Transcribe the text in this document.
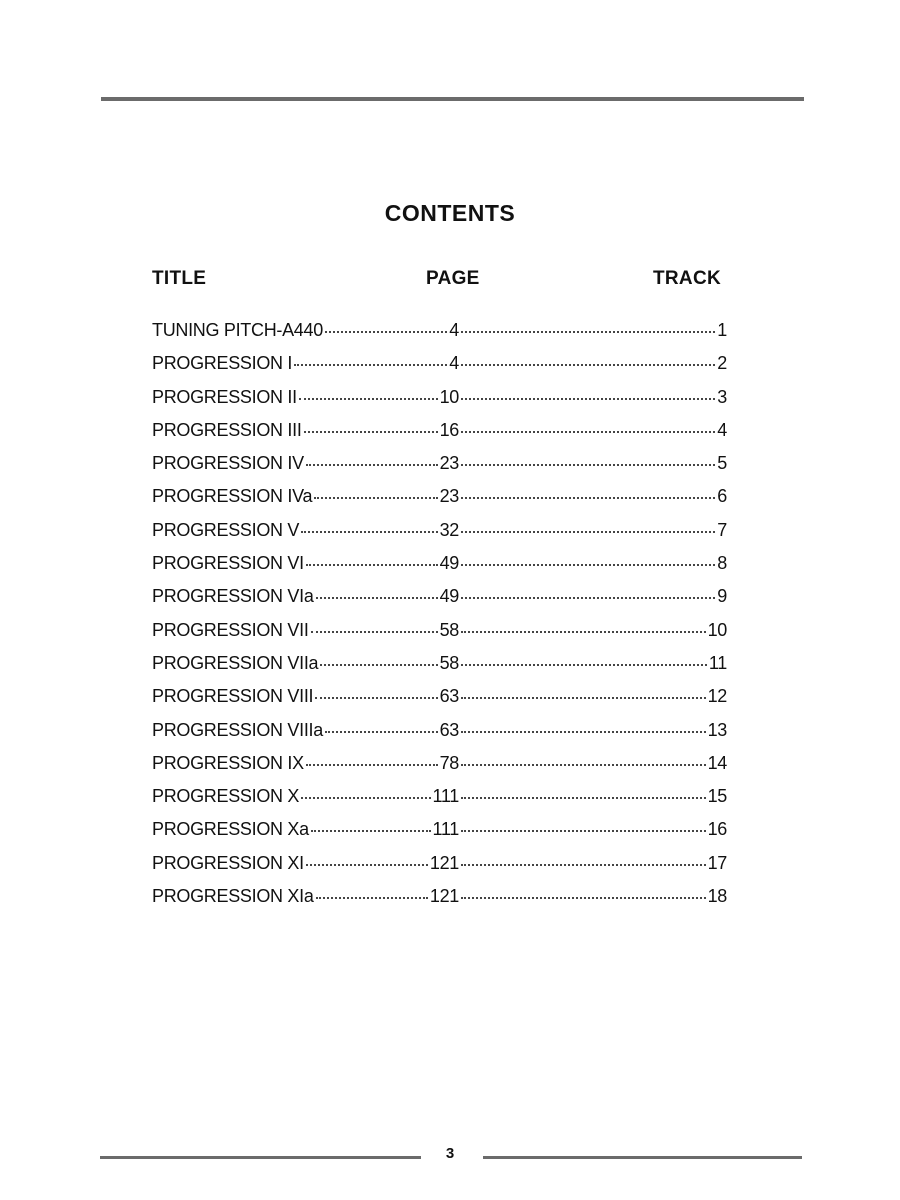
CONTENTS
TITLE	PAGE	TRACK
TUNING PITCH-A440	4	1
PROGRESSION I	4	2
PROGRESSION II	10	3
PROGRESSION III	16	4
PROGRESSION IV	23	5
PROGRESSION IVa	23	6
PROGRESSION V	32	7
PROGRESSION VI	49	8
PROGRESSION VIa	49	9
PROGRESSION VII	58	10
PROGRESSION VIIa	58	11
PROGRESSION VIII	63	12
PROGRESSION VIIIa	63	13
PROGRESSION IX	78	14
PROGRESSION X	111	15
PROGRESSION Xa	111	16
PROGRESSION XI	121	17
PROGRESSION XIa	121	18
3
